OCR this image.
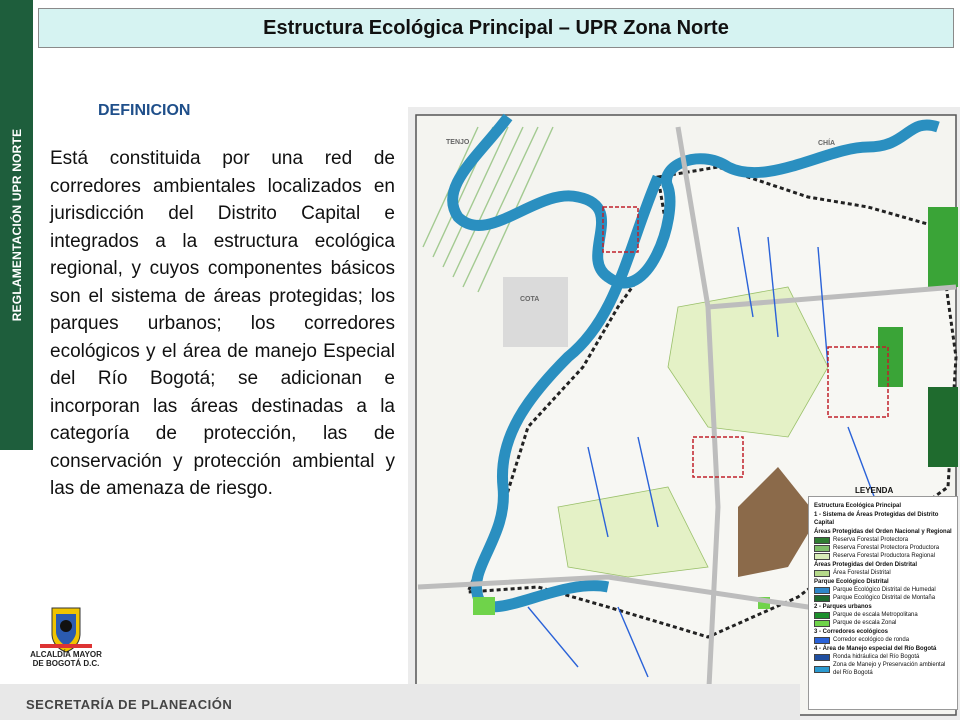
REGLAMENTACIÓN UPR NORTE
Estructura Ecológica Principal – UPR Zona Norte
DEFINICION
Está constituida por una red de corredores ambientales localizados en jurisdicción del Distrito Capital e integrados a la estructura ecológica regional, y cuyos componentes básicos son el sistema de áreas protegidas; los parques urbanos; los corredores ecológicos y el área de manejo Especial del Río Bogotá; se adicionan e incorporan las áreas destinadas a la categoría de protección, las de conservación y protección ambiental y las de amenaza de riesgo.
COTA
TENJO	CHÍA
LEYENDA
Estructura Ecológica Principal
1 - Sistema de Áreas Protegidas del Distrito Capital
Áreas Protegidas del Orden Nacional y Regional
Reserva Forestal Protectora
Reserva Forestal Protectora Productora
Reserva Forestal Productora Regional
Áreas Protegidas del Orden Distrital
Área Forestal Distrital
Parque Ecológico Distrital
Parque Ecológico Distrital de Humedal
Parque Ecológico Distrital de Montaña
2 - Parques urbanos
Parque de escala Metropolitana
Parque de escala Zonal
3 - Corredores ecológicos
Corredor ecológico de ronda
4 - Área de Manejo especial del Río Bogotá
Ronda hidráulica del Río Bogotá
Zona de Manejo y Preservación ambiental del Río Bogotá
ALCALDÍA MAYOR DE BOGOTÁ D.C.
SECRETARÍA DE PLANEACIÓN
